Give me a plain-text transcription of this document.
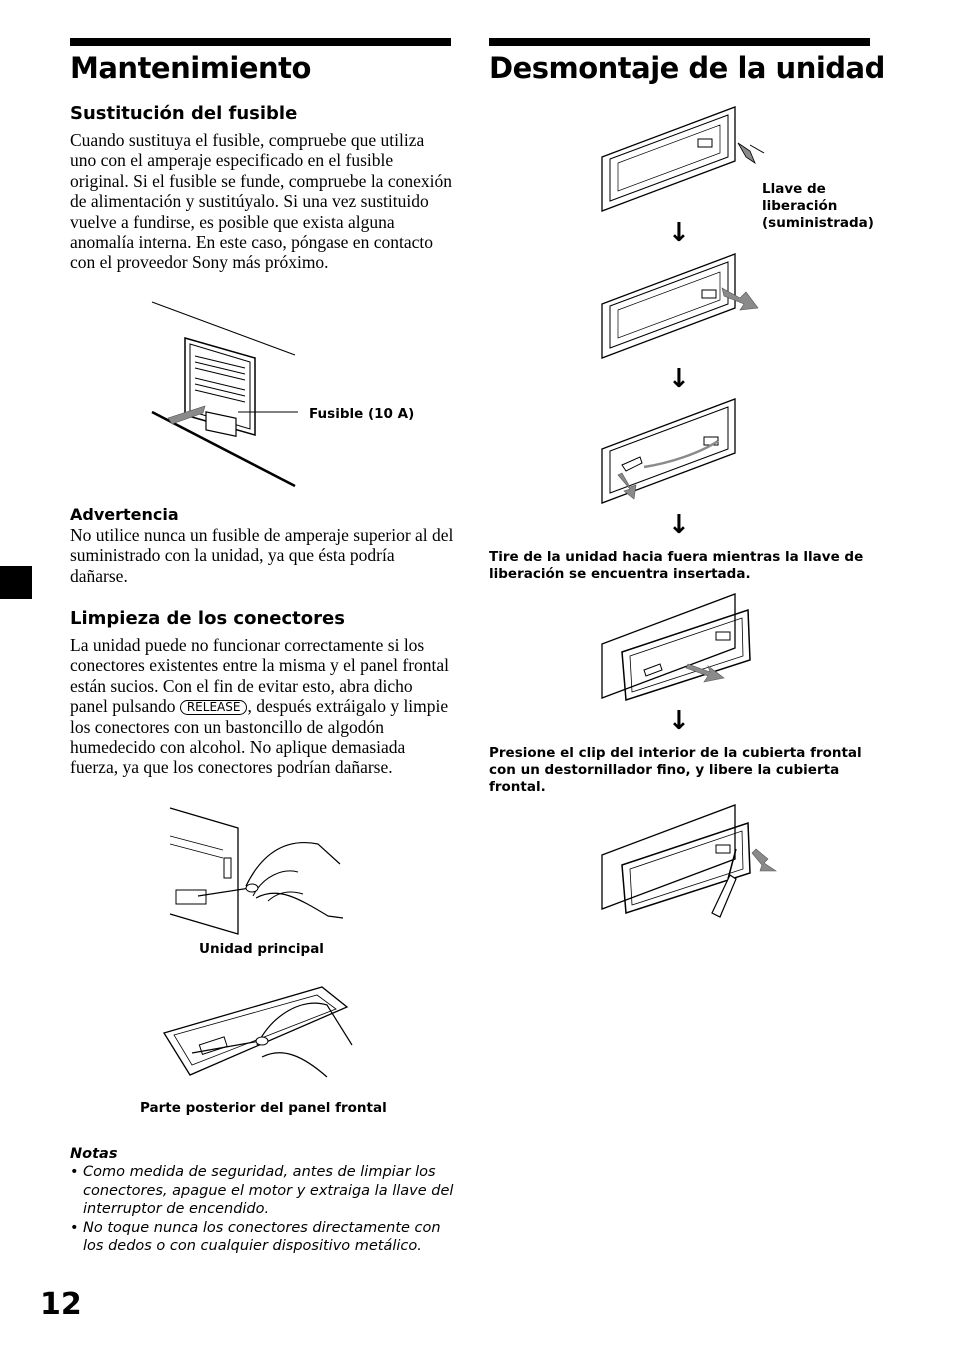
Mantenimiento
Sustitución del fusible
Cuando sustituya el fusible, compruebe que utiliza uno con el amperaje especificado en el fusible original. Si el fusible se funde, compruebe la conexión de alimentación y sustitúyalo. Si una vez sustituido vuelve a fundirse, es posible que exista alguna anomalía interna. En este caso, póngase en contacto con el proveedor Sony más próximo.
Fusible (10 A)
Advertencia
No utilice nunca un fusible de amperaje superior al del suministrado con la unidad, ya que ésta podría dañarse.
Limpieza de los conectores
La unidad puede no funcionar correctamente si los conectores existentes entre la misma y el panel frontal están sucios. Con el fin de evitar esto, abra dicho panel pulsando RELEASE , después extráigalo y limpie los conectores con un bastoncillo de algodón humedecido con alcohol. No aplique demasiada fuerza, ya que los conectores podrían dañarse.
Unidad principal
Parte posterior del panel frontal
Notas
• Como medida de seguridad, antes de limpiar los conectores, apague el motor y extraiga la llave del interruptor de encendido.
• No toque nunca los conectores directamente con los dedos o con cualquier dispositivo metálico.
12
Desmontaje de la unidad
Llave de liberación (suministrada)
↓
↓
↓
Tire de la unidad hacia fuera mientras la llave de liberación se encuentra insertada.
↓
Presione el clip del interior de la cubierta frontal con un destornillador fino, y libere la cubierta frontal.
